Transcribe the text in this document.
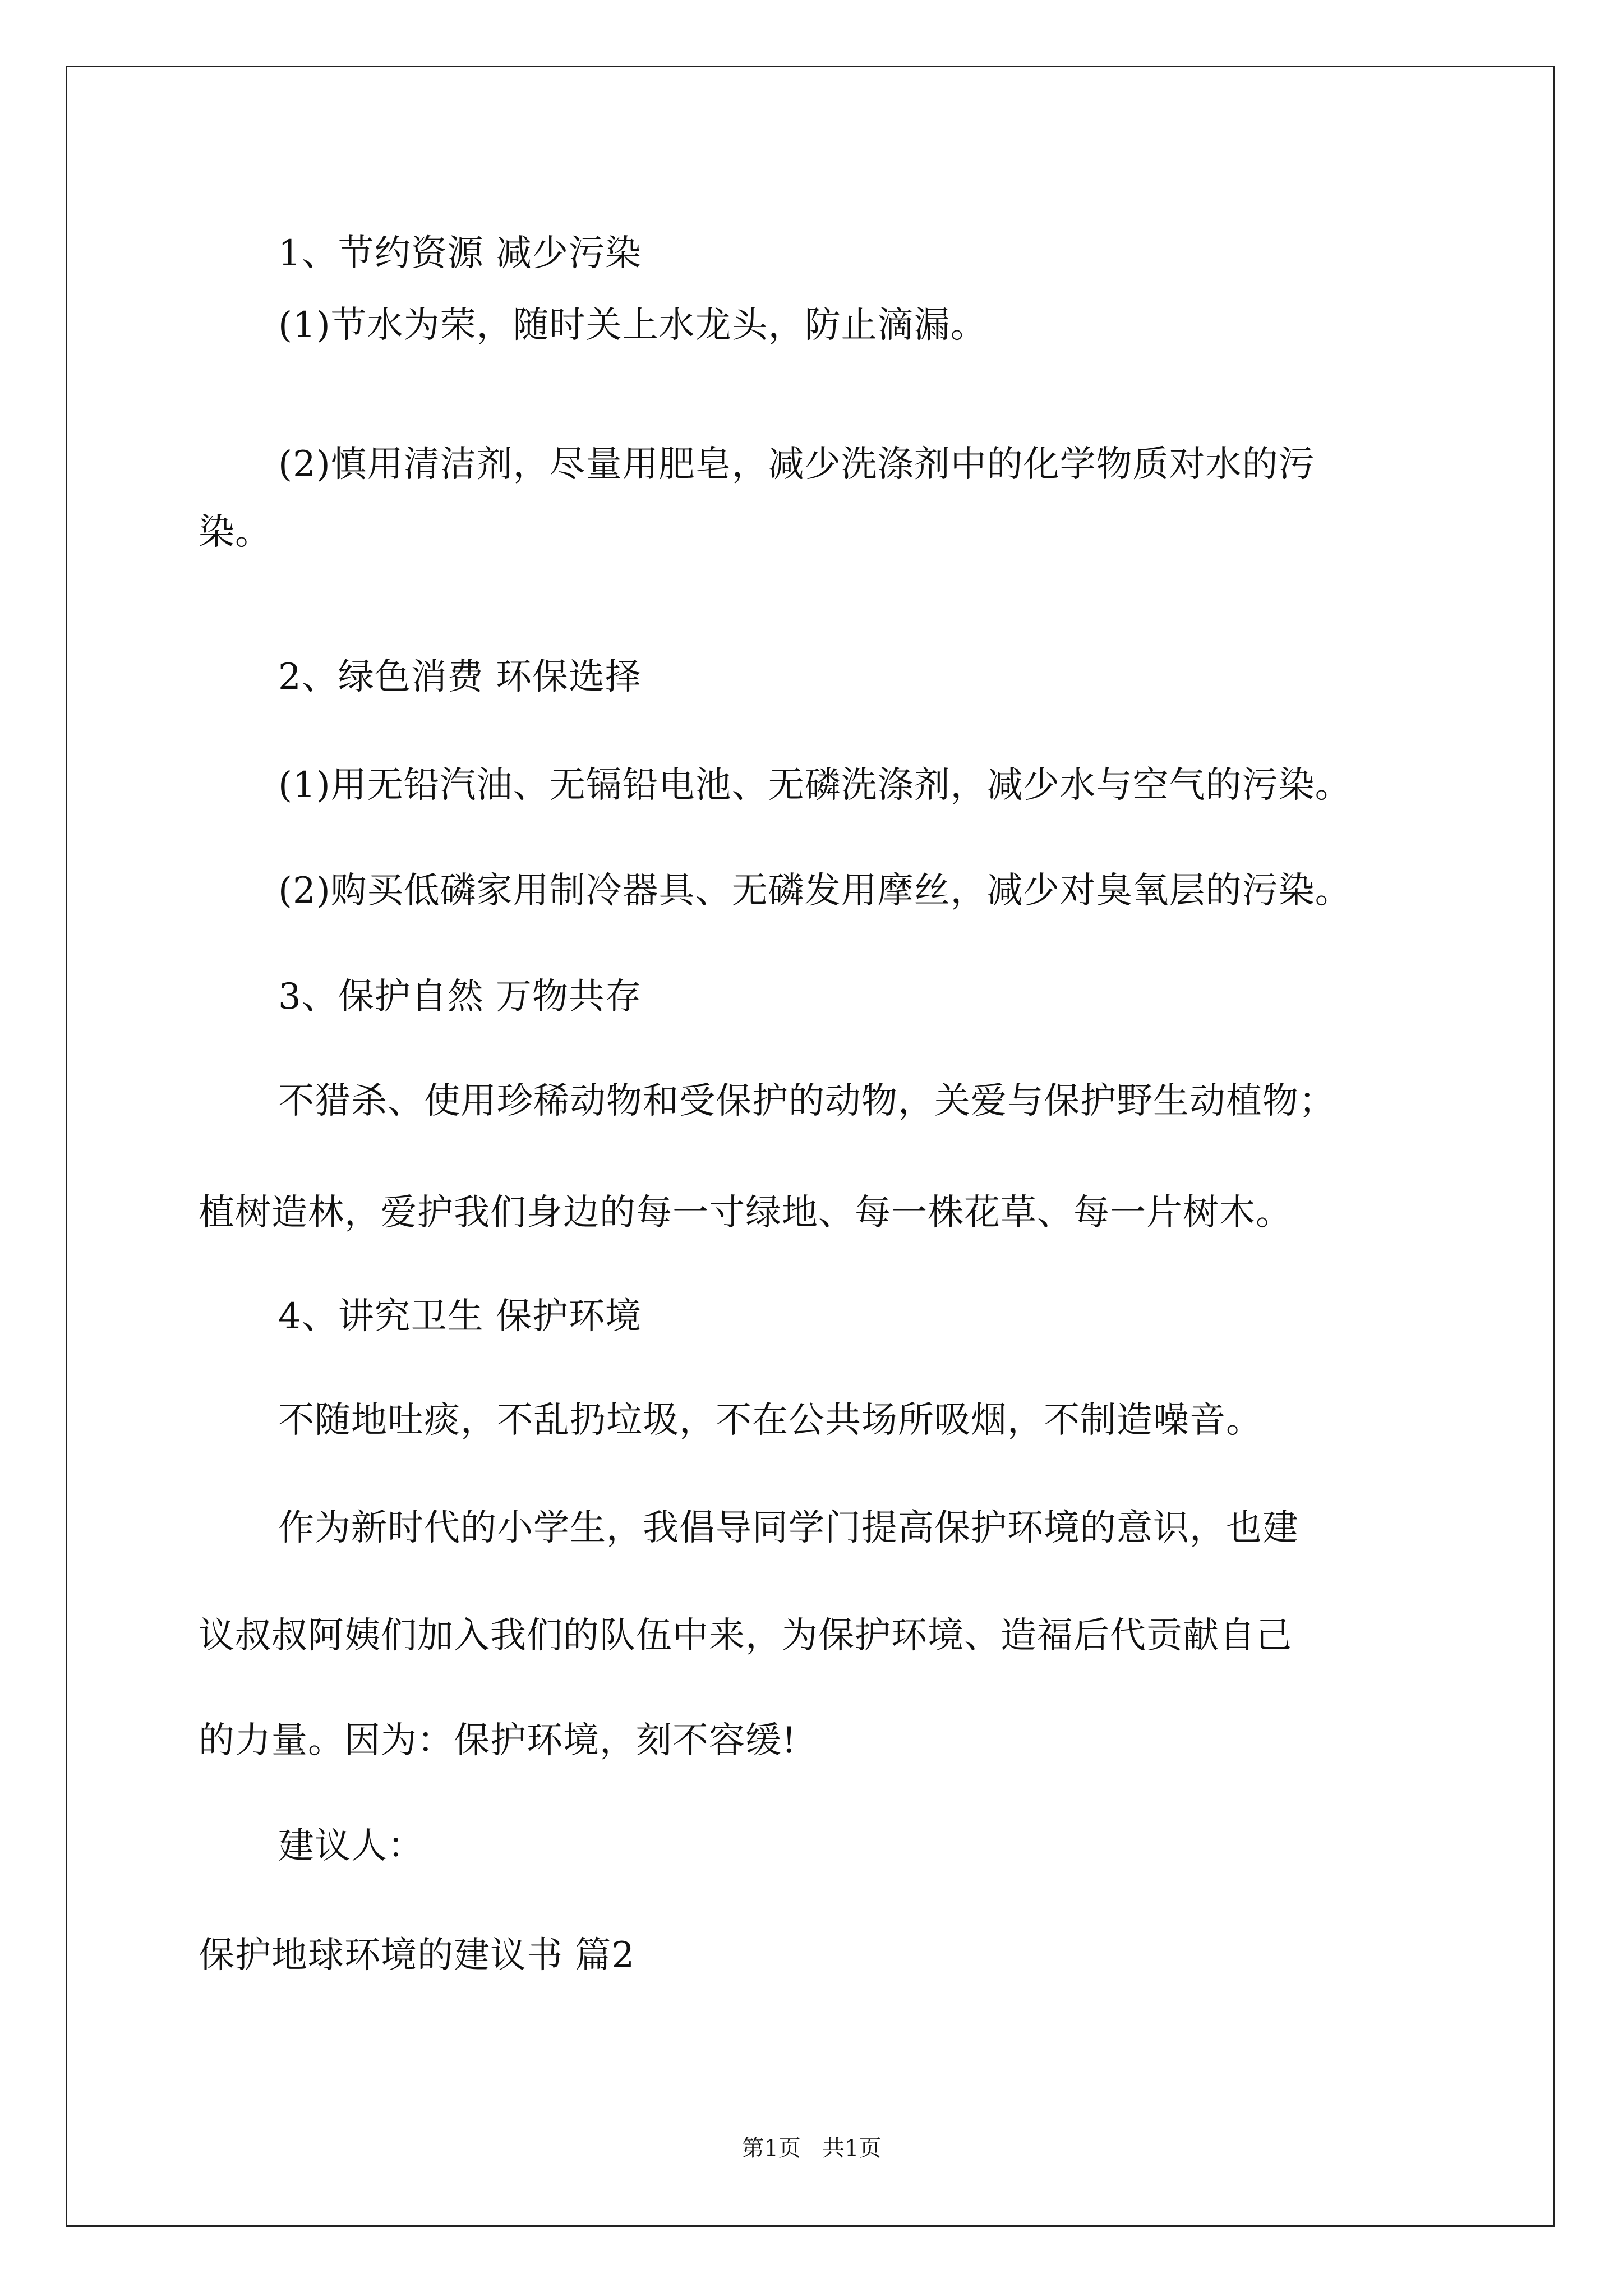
1、节约资源 减少污染
(1)节水为荣，随时关上水龙头，防止滴漏。
(2)慎用清洁剂，尽量用肥皂，减少洗涤剂中的化学物质对水的污
染。
2、绿色消费 环保选择
(1)用无铅汽油、无镉铅电池、无磷洗涤剂，减少水与空气的污染。
(2)购买低磷家用制冷器具、无磷发用摩丝，减少对臭氧层的污染。
3、保护自然 万物共存
不猎杀、使用珍稀动物和受保护的动物，关爱与保护野生动植物；
植树造林，爱护我们身边的每一寸绿地、每一株花草、每一片树木。
4、讲究卫生 保护环境
不随地吐痰，不乱扔垃圾，不在公共场所吸烟，不制造噪音。
作为新时代的小学生，我倡导同学门提高保护环境的意识，也建
议叔叔阿姨们加入我们的队伍中来，为保护环境、造福后代贡献自己
的力量。因为：保护环境，刻不容缓!
建议人：
保护地球环境的建议书 篇2
第1页   共1页
